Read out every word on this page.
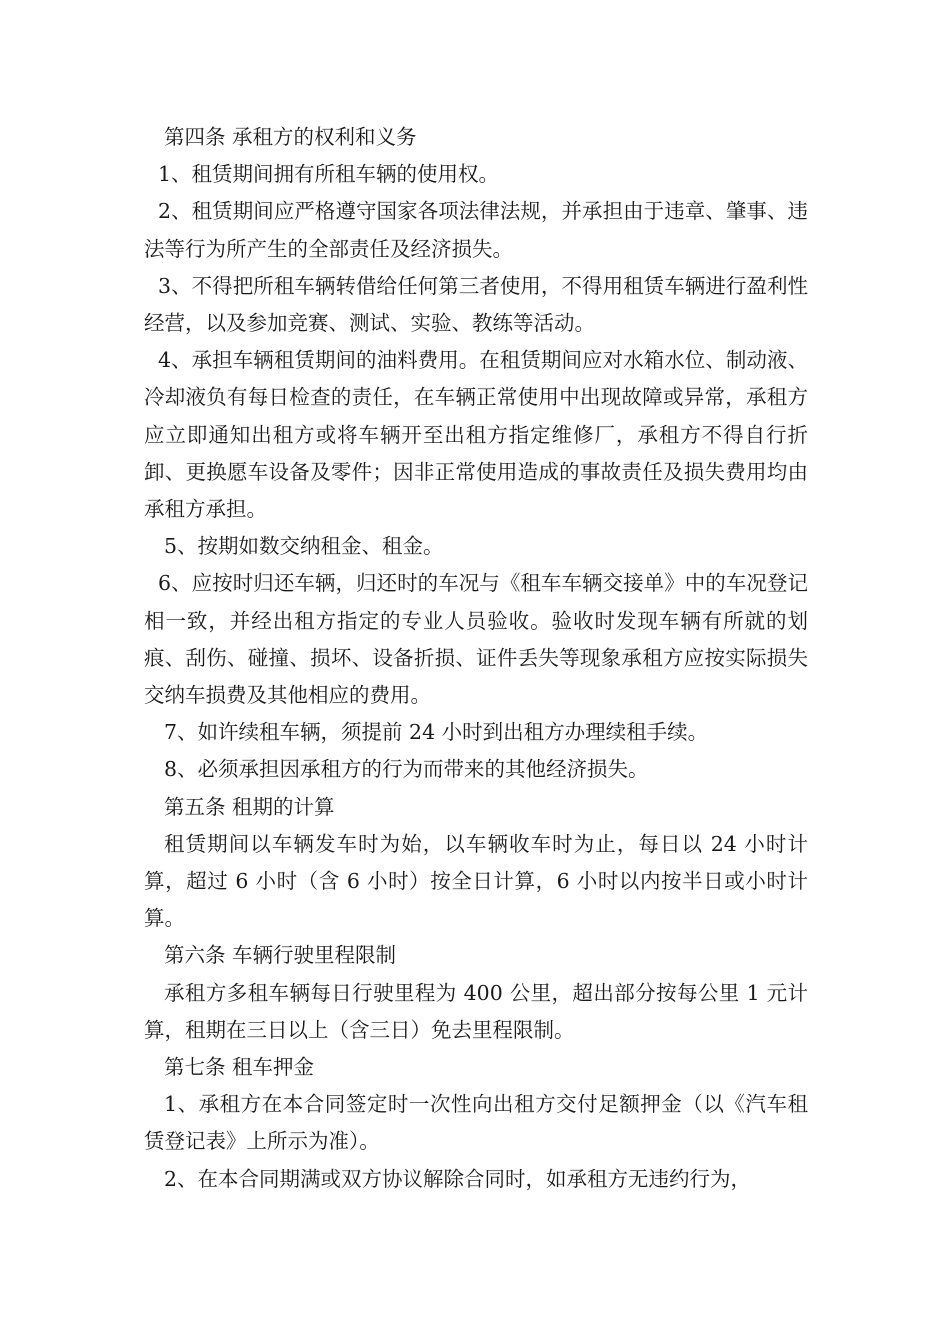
第四条 承租方的权利和义务

1、租赁期间拥有所租车辆的使用权。

2、租赁期间应严格遵守国家各项法律法规，并承担由于违章、肇事、违法等行为所产生的全部责任及经济损失。

3、不得把所租车辆转借给任何第三者使用，不得用租赁车辆进行盈利性经营，以及参加竞赛、测试、实验、教练等活动。

4、承担车辆租赁期间的油料费用。在租赁期间应对水箱水位、制动液、冷却液负有每日检查的责任，在车辆正常使用中出现故障或异常，承租方应立即通知出租方或将车辆开至出租方指定维修厂，承租方不得自行折卸、更换愿车设备及零件；因非正常使用造成的事故责任及损失费用均由承租方承担。

5、按期如数交纳租金、租金。

6、应按时归还车辆，归还时的车况与《租车车辆交接单》中的车况登记相一致，并经出租方指定的专业人员验收。验收时发现车辆有所就的划痕、刮伤、碰撞、损坏、设备折损、证件丢失等现象承租方应按实际损失交纳车损费及其他相应的费用。

7、如许续租车辆，须提前 24 小时到出租方办理续租手续。

8、必须承担因承租方的行为而带来的其他经济损失。

第五条 租期的计算

租赁期间以车辆发车时为始，以车辆收车时为止，每日以 24 小时计算，超过 6 小时（含 6 小时）按全日计算，6 小时以内按半日或小时计算。

第六条 车辆行驶里程限制

承租方多租车辆每日行驶里程为 400 公里，超出部分按每公里 1 元计算，租期在三日以上（含三日）免去里程限制。

第七条 租车押金

1、承租方在本合同签定时一次性向出租方交付足额押金（以《汽车租赁登记表》上所示为准）。

2、在本合同期满或双方协议解除合同时，如承租方无违约行为，
